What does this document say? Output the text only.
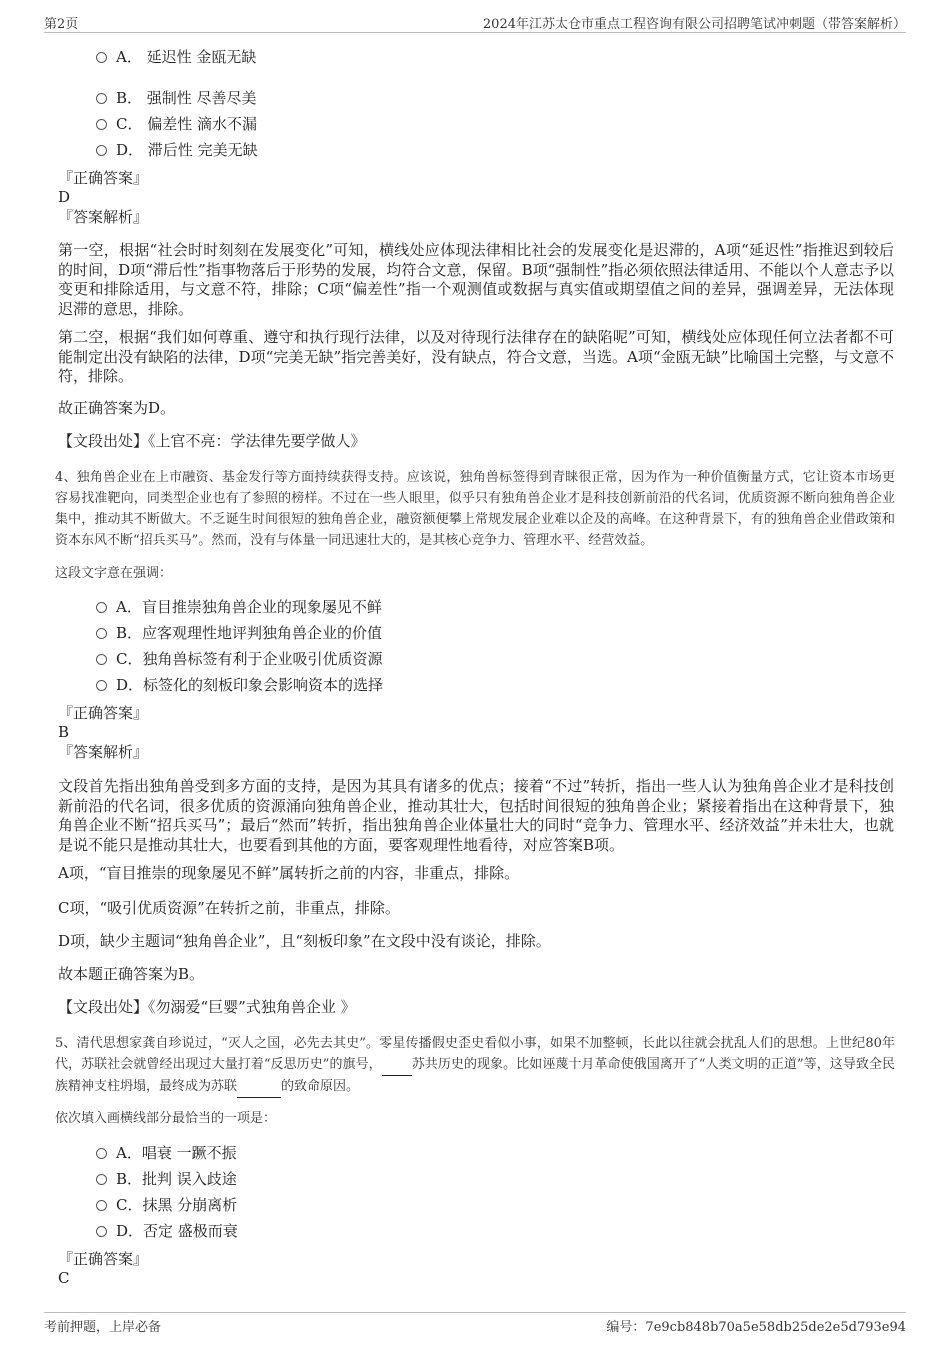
第2页	2024年江苏太仓市重点工程咨询有限公司招聘笔试冲刺题（带答案解析）
A． 延迟性 金瓯无缺
B． 强制性 尽善尽美
C． 偏差性 滴水不漏
D． 滞后性 完美无缺
『正确答案』
D
『答案解析』
第一空，根据“社会时时刻刻在发展变化”可知，横线处应体现法律相比社会的发展变化是迟滞的，A项“延迟性”指推迟到较后的时间，D项“滞后性”指事物落后于形势的发展，均符合文意，保留。B项“强制性”指必须依照法律适用、不能以个人意志予以变更和排除适用，与文意不符，排除；C项“偏差性”指一个观测值或数据与真实值或期望值之间的差异，强调差异，无法体现迟滞的意思，排除。
第二空，根据“我们如何尊重、遵守和执行现行法律，以及对待现行法律存在的缺陷呢”可知，横线处应体现任何立法者都不可能制定出没有缺陷的法律，D项“完美无缺”指完善美好，没有缺点，符合文意，当选。A项“金瓯无缺”比喻国土完整，与文意不符，排除。
故正确答案为D。
【文段出处】《上官不亮：学法律先要学做人》
4、独角兽企业在上市融资、基金发行等方面持续获得支持。应该说，独角兽标签得到青睐很正常，因为作为一种价值衡量方式，它让资本市场更容易找准靶向，同类型企业也有了参照的榜样。不过在一些人眼里，似乎只有独角兽企业才是科技创新前沿的代名词，优质资源不断向独角兽企业集中，推动其不断做大。不乏诞生时间很短的独角兽企业，融资额便攀上常规发展企业难以企及的高峰。在这种背景下，有的独角兽企业借政策和资本东风不断“招兵买马”。然而，没有与体量一同迅速壮大的，是其核心竞争力、管理水平、经营效益。
这段文字意在强调：
A．盲目推崇独角兽企业的现象屡见不鲜
B．应客观理性地评判独角兽企业的价值
C．独角兽标签有利于企业吸引优质资源
D．标签化的刻板印象会影响资本的选择
『正确答案』
B
『答案解析』
文段首先指出独角兽受到多方面的支持，是因为其具有诸多的优点；接着“不过”转折，指出一些人认为独角兽企业才是科技创新前沿的代名词，很多优质的资源涌向独角兽企业，推动其壮大，包括时间很短的独角兽企业；紧接着指出在这种背景下，独角兽企业不断“招兵买马”；最后“然而”转折，指出独角兽企业体量壮大的同时“竞争力、管理水平、经济效益”并未壮大，也就是说不能只是推动其壮大，也要看到其他的方面，要客观理性地看待，对应答案B项。
A项，“盲目推崇的现象屡见不鲜”属转折之前的内容，非重点，排除。
C项，“吸引优质资源”在转折之前，非重点，排除。
D项，缺少主题词“独角兽企业”，且“刻板印象”在文段中没有谈论，排除。
故本题正确答案为B。
【文段出处】《勿溺爱“巨婴”式独角兽企业 》
5、清代思想家龚自珍说过，“灭人之国，必先去其史”。零星传播假史歪史看似小事，如果不加整顿，长此以往就会扰乱人们的思想。上世纪80年代，苏联社会就曾经出现过大量打着“反思历史”的旗号， 苏共历史的现象。比如诬蔑十月革命使俄国离开了“人类文明的正道”等，这导致全民族精神支柱坍塌，最终成为苏联	的致命原因。
依次填入画横线部分最恰当的一项是：
A．唱衰 一蹶不振
B．批判 误入歧途
C．抹黑 分崩离析
D．否定 盛极而衰
『正确答案』
C
考前押题，上岸必备	编号：7e9cb848b70a5e58db25de2e5d793e94
